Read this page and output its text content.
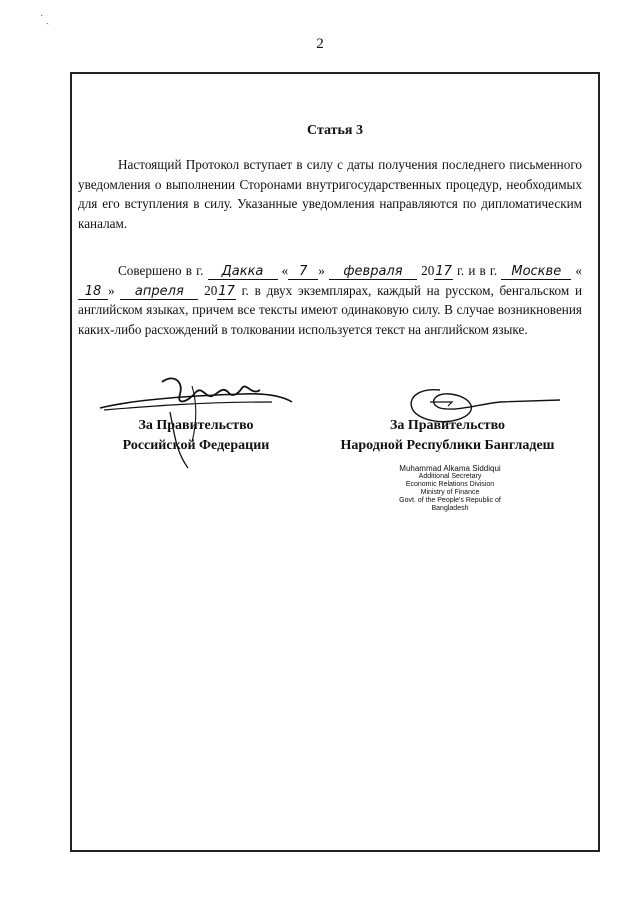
˙ ˏ
2
Статья 3
Настоящий Протокол вступает в силу с даты получения последнего письменного уведомления о выполнении Сторонами внутригосударственных процедур, необходимых для его вступления в силу. Указанные уведомления направляются по дипломатическим каналам.
Совершено в г. Дакка « 7 » февраля 2017 г. и в г. Москве «18 » апреля 2017 г. в двух экземплярах, каждый на русском, бенгальском и английском языках, причем все тексты имеют одинаковую силу. В случае возникновения каких-либо расхождений в толковании используется текст на английском языке.
За Правительство
Российской Федерации
За Правительство
Народной Республики Бангладеш
Muhammad Alkama Siddiqui
Additional Secretary
Economic Relations Division
Ministry of Finance
Govt. of the People's Republic of Bangladesh
